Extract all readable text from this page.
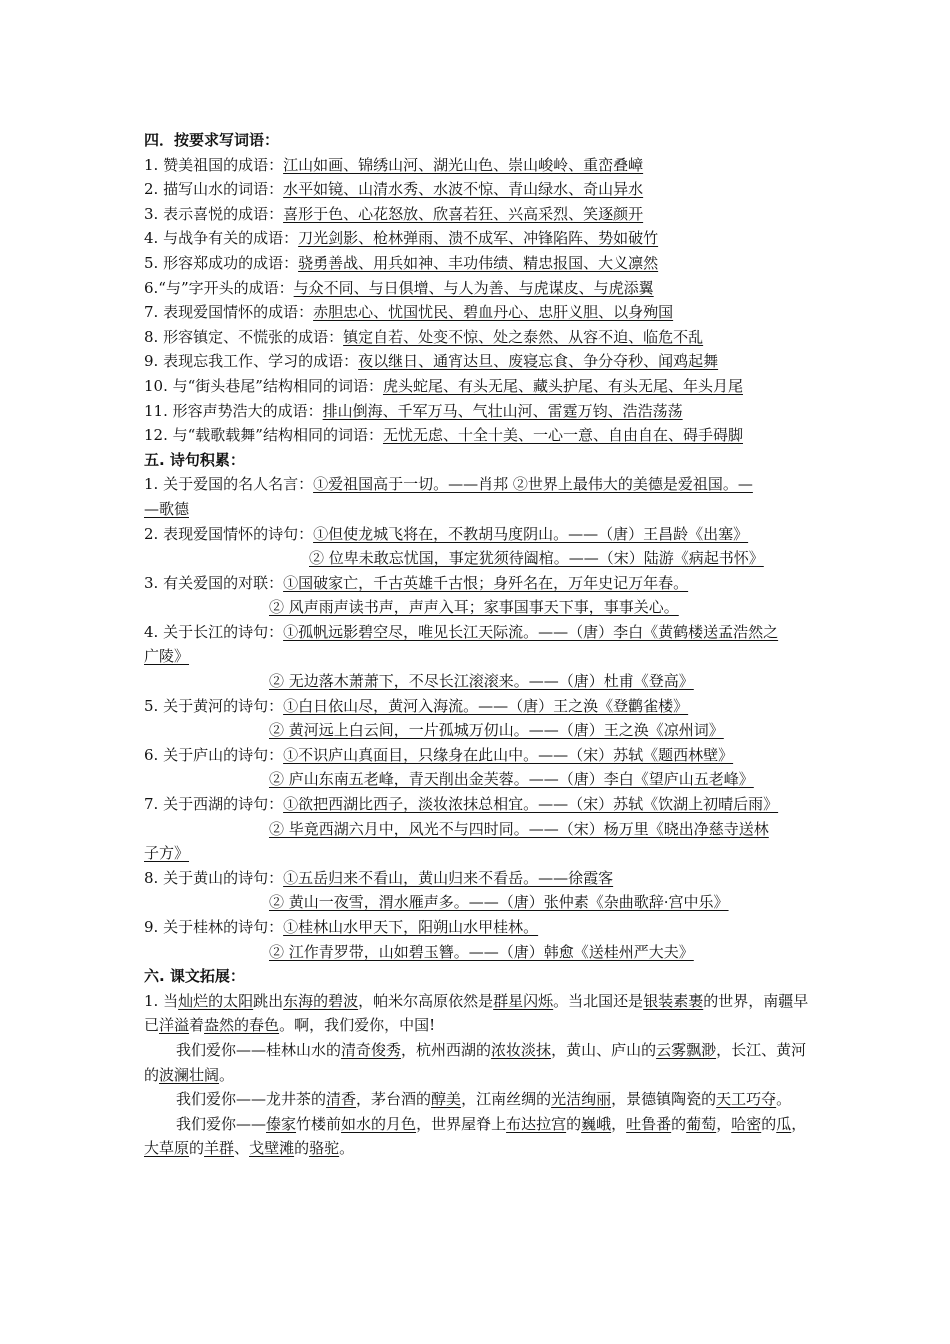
四．按要求写词语：
1. 赞美祖国的成语：江山如画、锦绣山河、湖光山色、崇山峻岭、重峦叠嶂
2. 描写山水的词语：水平如镜、山清水秀、水波不惊、青山绿水、奇山异水
3. 表示喜悦的成语：喜形于色、心花怒放、欣喜若狂、兴高采烈、笑逐颜开
4. 与战争有关的成语：刀光剑影、枪林弹雨、溃不成军、冲锋陷阵、势如破竹
5. 形容郑成功的成语：骁勇善战、用兵如神、丰功伟绩、精忠报国、大义凛然
6.“与”字开头的成语：与众不同、与日俱增、与人为善、与虎谋皮、与虎添翼
7. 表现爱国情怀的成语：赤胆忠心、忧国忧民、碧血丹心、忠肝义胆、以身殉国
8. 形容镇定、不慌张的成语：镇定自若、处变不惊、处之泰然、从容不迫、临危不乱
9. 表现忘我工作、学习的成语：夜以继日、通宵达旦、废寝忘食、争分夺秒、闻鸡起舞
10. 与“街头巷尾”结构相同的词语：虎头蛇尾、有头无尾、藏头护尾、有头无尾、年头月尾
11. 形容声势浩大的成语：排山倒海、千军万马、气壮山河、雷霆万钧、浩浩荡荡
12. 与“载歌载舞”结构相同的词语：无忧无虑、十全十美、一心一意、自由自在、碍手碍脚
五. 诗句积累：
1. 关于爱国的名人名言：①爱祖国高于一切。——肖邦 ②世界上最伟大的美德是爱祖国。—
—歌德
2. 表现爱国情怀的诗句：①但使龙城飞将在，不教胡马度阴山。——（唐）王昌龄《出塞》
② 位卑未敢忘忧国，事定犹须待阖棺。——（宋）陆游《病起书怀》
3. 有关爱国的对联：①国破家亡，千古英雄千古恨；身歼名在，万年史记万年春。
② 风声雨声读书声，声声入耳；家事国事天下事，事事关心。
4. 关于长江的诗句：①孤帆远影碧空尽，唯见长江天际流。——（唐）李白《黄鹤楼送孟浩然之
广陵》
② 无边落木萧萧下，不尽长江滚滚来。——（唐）杜甫《登高》
5. 关于黄河的诗句：①白日依山尽，黄河入海流。——（唐）王之涣《登鹳雀楼》
② 黄河远上白云间，一片孤城万仞山。——（唐）王之涣《凉州词》
6. 关于庐山的诗句：①不识庐山真面目，只缘身在此山中。——（宋）苏轼《题西林壁》
② 庐山东南五老峰，青天削出金芙蓉。——（唐）李白《望庐山五老峰》
7. 关于西湖的诗句：①欲把西湖比西子，淡妆浓抹总相宜。——（宋）苏轼《饮湖上初晴后雨》
② 毕竟西湖六月中，风光不与四时同。——（宋）杨万里《晓出净慈寺送林
子方》
8. 关于黄山的诗句：①五岳归来不看山，黄山归来不看岳。——徐霞客
② 黄山一夜雪，渭水雁声多。——（唐）张仲素《杂曲歌辞·宫中乐》
9. 关于桂林的诗句：①桂林山水甲天下，阳朔山水甲桂林。
② 江作青罗带，山如碧玉簪。——（唐）韩愈《送桂州严大夫》
六. 课文拓展：
1. 当灿烂的太阳跳出东海的碧波，帕米尔高原依然是群星闪烁。当北国还是银装素裹的世界，南疆早已洋溢着盎然的春色。啊，我们爱你，中国!
我们爱你——桂林山水的清奇俊秀，杭州西湖的浓妆淡抹，黄山、庐山的云雾飘渺，长江、黄河的波澜壮阔。
我们爱你——龙井茶的清香，茅台酒的醇美，江南丝绸的光洁绚丽，景德镇陶瓷的天工巧夺。
我们爱你——傣家竹楼前如水的月色，世界屋脊上布达拉宫的巍峨，吐鲁番的葡萄，哈密的瓜，大草原的羊群、戈壁滩的骆驼。
